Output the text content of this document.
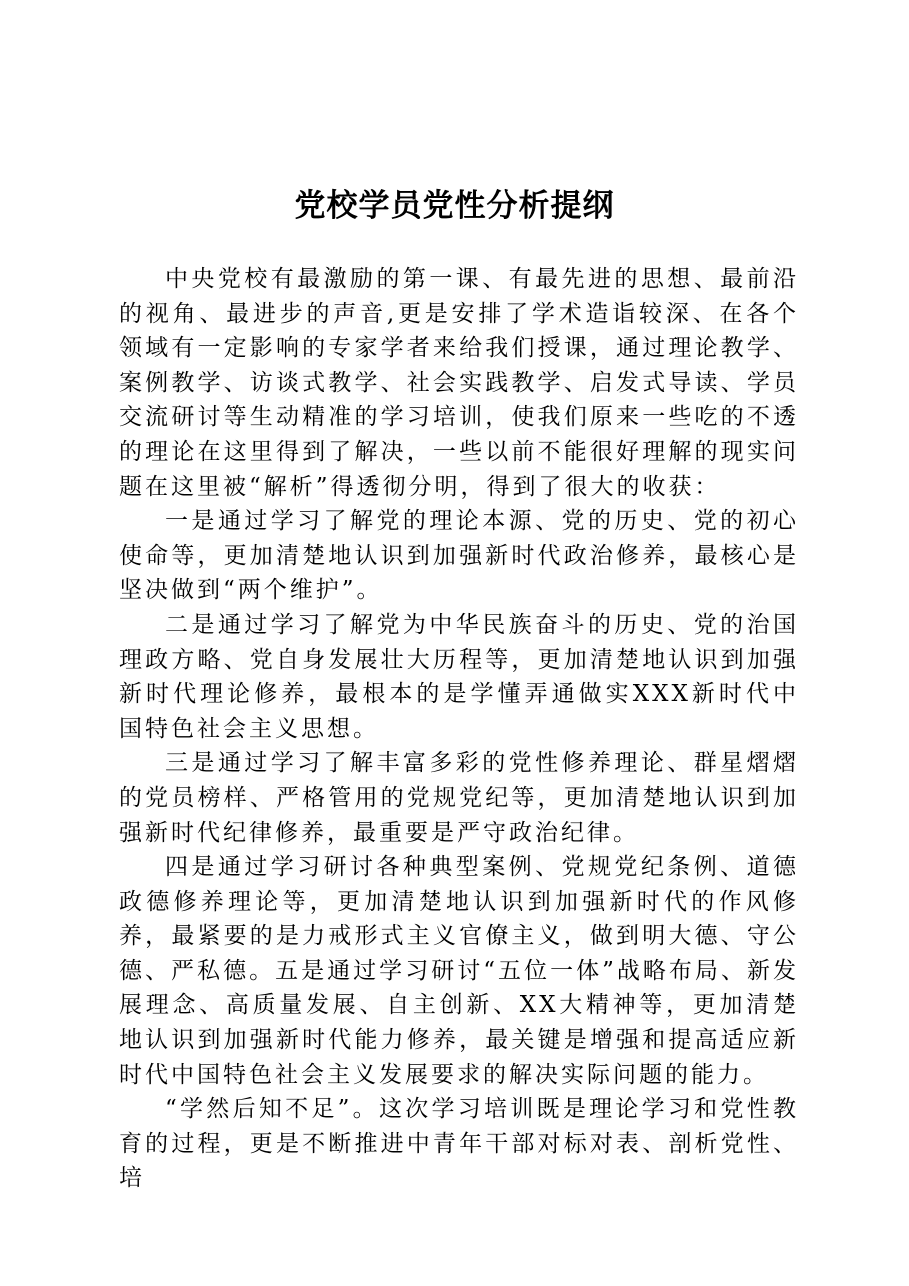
党校学员党性分析提纲

中央党校有最激励的第一课、有最先进的思想、最前沿的视角、最进步的声音,更是安排了学术造诣较深、在各个领域有一定影响的专家学者来给我们授课，通过理论教学、案例教学、访谈式教学、社会实践教学、启发式导读、学员交流研讨等生动精准的学习培训，使我们原来一些吃的不透的理论在这里得到了解决，一些以前不能很好理解的现实问题在这里被“解析”得透彻分明，得到了很大的收获：

一是通过学习了解党的理论本源、党的历史、党的初心使命等，更加清楚地认识到加强新时代政治修养，最核心是坚决做到“两个维护”。

二是通过学习了解党为中华民族奋斗的历史、党的治国理政方略、党自身发展壮大历程等，更加清楚地认识到加强新时代理论修养，最根本的是学懂弄通做实XXX新时代中国特色社会主义思想。

三是通过学习了解丰富多彩的党性修养理论、群星熠熠的党员榜样、严格管用的党规党纪等，更加清楚地认识到加强新时代纪律修养，最重要是严守政治纪律。

四是通过学习研讨各种典型案例、党规党纪条例、道德政德修养理论等，更加清楚地认识到加强新时代的作风修养，最紧要的是力戒形式主义官僚主义，做到明大德、守公德、严私德。五是通过学习研讨“五位一体”战略布局、新发展理念、高质量发展、自主创新、XX大精神等，更加清楚地认识到加强新时代能力修养，最关键是增强和提高适应新时代中国特色社会主义发展要求的解决实际问题的能力。

“学然后知不足”。这次学习培训既是理论学习和党性教育的过程，更是不断推进中青年干部对标对表、剖析党性、培
